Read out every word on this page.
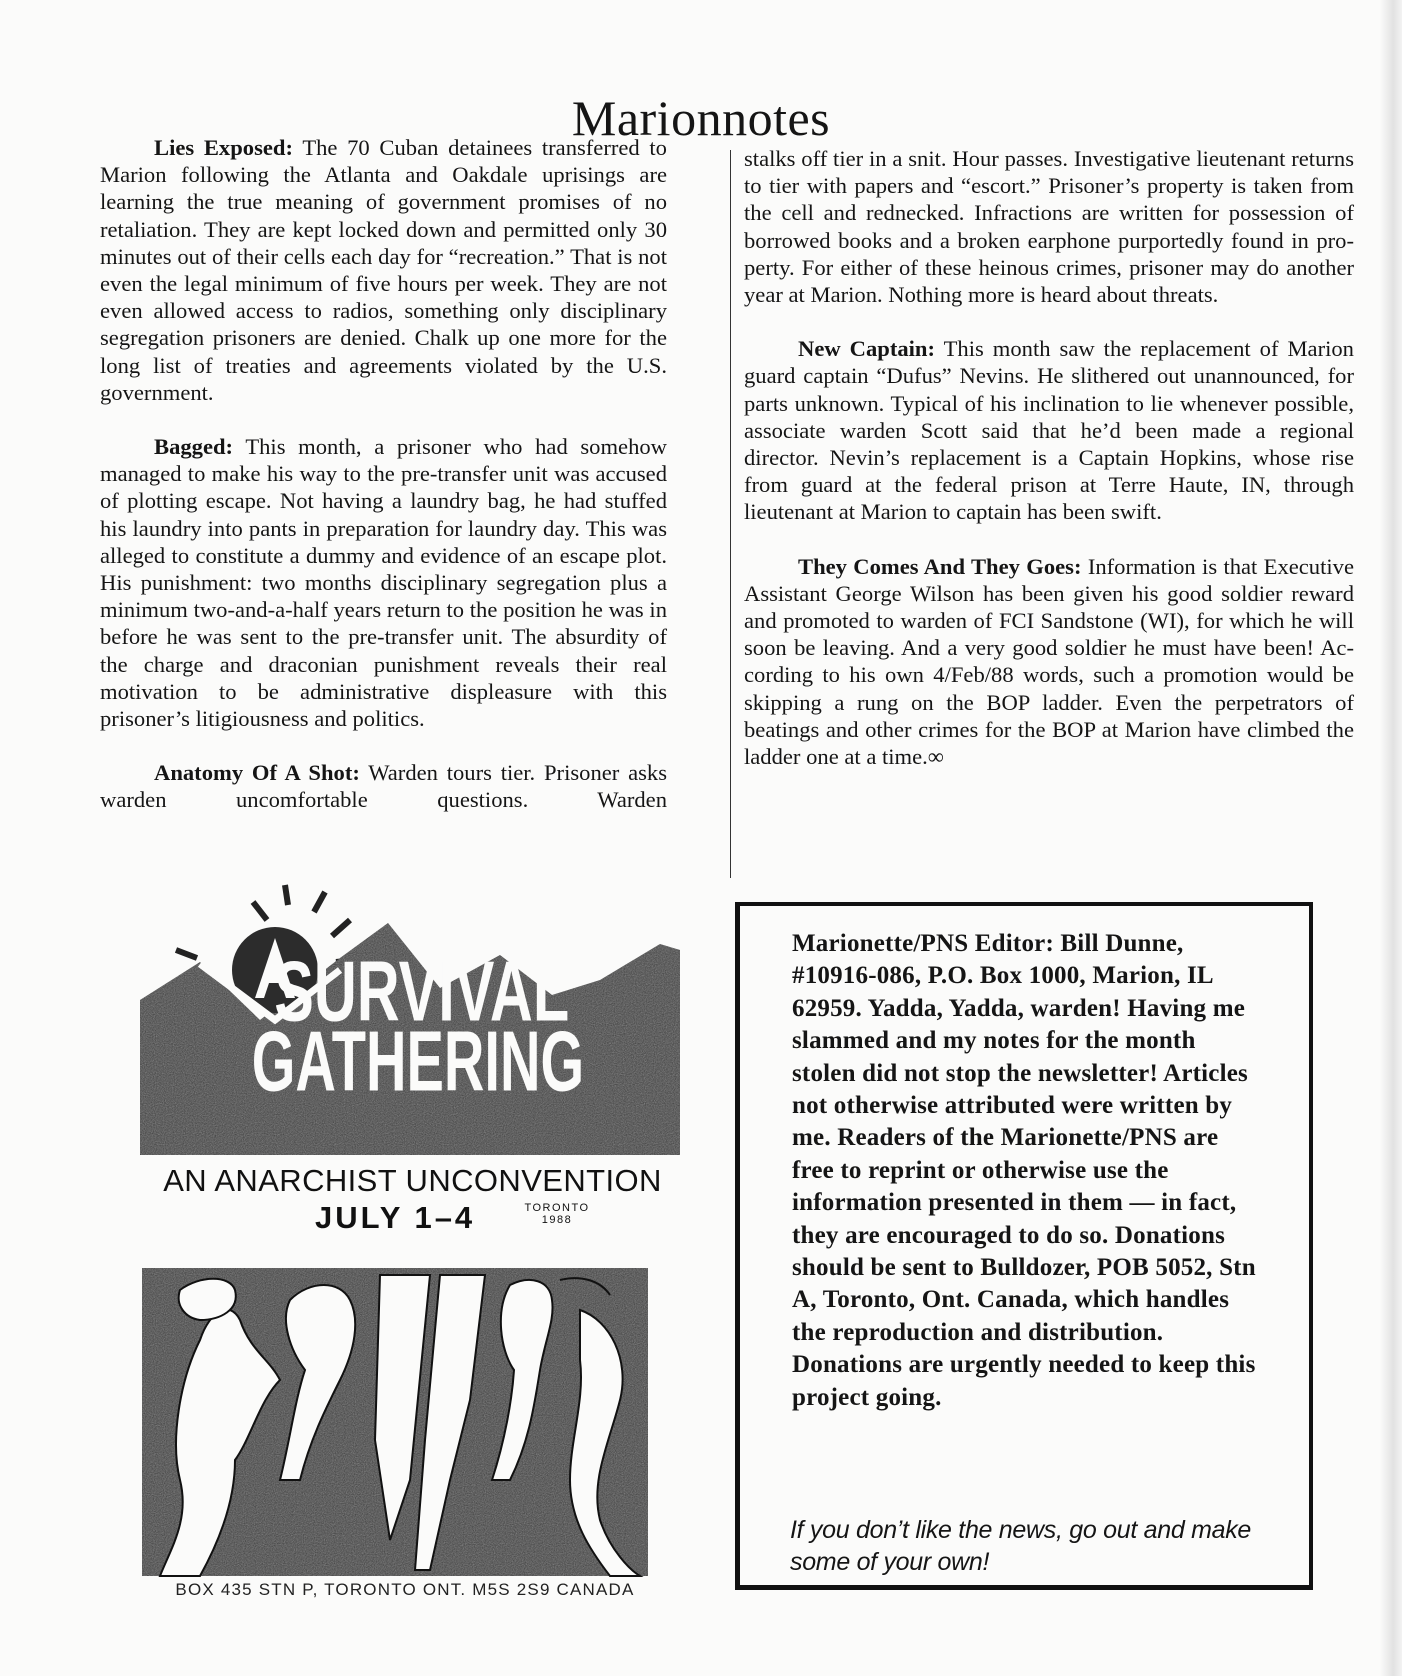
Marionnotes

Lies Exposed: The 70 Cuban detainees transferred to Marion following the Atlanta and Oakdale uprisings are learning the true meaning of government promises of no retaliation. They are kept locked down and permitted only 30 minutes out of their cells each day for “recreation.” That is not even the legal minimum of five hours per week. They are not even allowed access to radios, something only disciplinary segregation prisoners are denied. Chalk up one more for the long list of treaties and agreements violated by the U.S. government.

Bagged: This month, a prisoner who had somehow managed to make his way to the pre-transfer unit was accused of plotting escape. Not having a laundry bag, he had stuffed his laundry into pants in preparation for laundry day. This was alleged to constitute a dummy and evidence of an escape plot. His punishment: two months disciplinary segregation plus a minimum two-and-a-half years return to the position he was in before he was sent to the pre-transfer unit. The absurdity of the charge and draconian punishment reveals their real motivation to be administrative displeasure with this prisoner’s litigiousness and politics.

Anatomy Of A Shot: Warden tours tier. Prisoner asks warden uncomfortable questions. Warden

stalks off tier in a snit. Hour passes. Investigative lieutenant returns to tier with papers and “escort.” Prisoner’s property is taken from the cell and rednecked. Infractions are written for possession of borrowed books and a broken earphone purportedly found in property. For either of these heinous crimes, prisoner may do another year at Marion. Nothing more is heard about threats.

New Captain: This month saw the replacement of Marion guard captain “Dufus” Nevins. He slithered out unannounced, for parts unknown. Typical of his inclination to lie whenever possible, associate warden Scott said that he’d been made a regional director. Nevin’s replacement is a Captain Hopkins, whose rise from guard at the federal prison at Terre Haute, IN, through lieutenant at Marion to captain has been swift.

They Comes And They Goes: Information is that Executive Assistant George Wilson has been given his good soldier reward and promoted to warden of FCI Sandstone (WI), for which he will soon be leaving. And a very good soldier he must have been! According to his own 4/Feb/88 words, such a promotion would be skipping a rung on the BOP ladder. Even the perpetrators of beatings and other crimes for the BOP at Marion have climbed the ladder one at a time.∞

Marionette/PNS Editor: Bill Dunne, #10916-086, P.O. Box 1000, Marion, IL 62959. Yadda, Yadda, warden! Having me slammed and my notes for the month stolen did not stop the newsletter! Articles not otherwise attributed were written by me. Readers of the Marionette/PNS are free to reprint or otherwise use the information presented in them — in fact, they are encouraged to do so. Donations should be sent to Bulldozer, POB 5052, Stn A, Toronto, Ont. Canada, which handles the reproduction and distribution. Donations are urgently needed to keep this project going.
If you don’t like the news, go out and make some of your own!
SURVIVAL
GATHERING
AN ANARCHIST UNCONVENTION
JULY 1–4	TORONTO
1988
BOX 435 STN P, TORONTO ONT. M5S 2S9 CANADA
